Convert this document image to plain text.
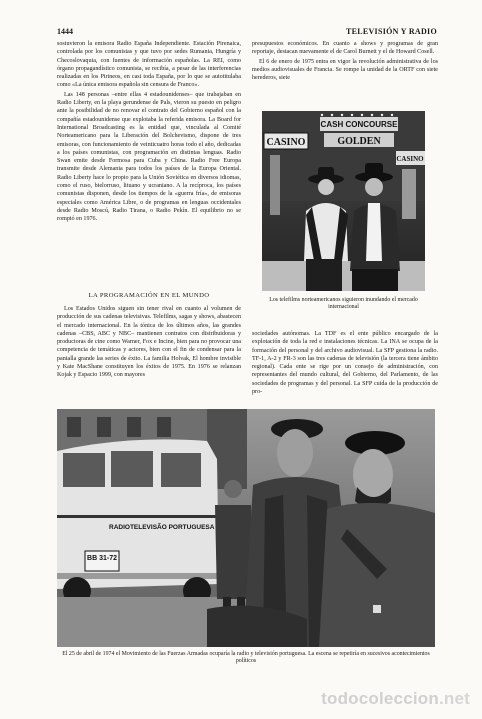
1444	TELEVISIÓN Y RADIO

sostuvieron la emisora Radio España Independiente. Estación Pirenaica, controlada por los comunistas y que tuvo por sedes Rumania, Hungría y Checoslovaquia, con fuentes de información españolas. La REI, como órgano propagandístico comunista, se recibía, a pesar de las interferencias realizadas en los Pirineos, en casi toda España, por lo que se autotitulaba como «La única emisora española sin censura de Franco».

Las 148 personas –entre ellas 4 estadounidenses– que trabajaban en Radio Liberty, en la playa gerundense de Pals, vieron su puesto en peligro ante la posibilidad de no renovar el contrato del Gobierno español con la compañía estadounidense que explotaba la referida emisora. La Board for International Broadcasting es la entidad que, vinculada al Comité Norteamericano para la Liberación del Bolchevismo, dispone de tres emisoras, con funcionamiento de veinticuatro horas todo el año, dedicadas a los países comunistas, con programación en distintas lenguas. Radio Swan emite desde Formosa para Cuba y China. Radio Free Europa transmite desde Alemania para todos los países de la Europa Oriental. Radio Liberty hace lo propio para la Unión Soviética en diversos idiomas, como el ruso, bielorruso, lituano y ucraniano. A la recíproca, los países comunistas disponen, desde los tiempos de la «guerra fría», de emisoras especiales como América Libre, o de programas en lenguas occidentales desde Radio Moscú, Radio Tirana, o Radio Pekín. El equilibrio no se rompió en 1976.

presupuestos económicos. En cuanto a shows y programas de gran reportaje, destacan nuevamente el de Carol Burnett y el de Howard Cosell.

El 6 de enero de 1975 entra en vigor la revolución administrativa de los medios audiovisuales de Francia. Se rompe la unidad de la ORTF con siete herederos, siete

CASINO
CASH CONCOURSE
GOLDEN
CASINO
Los telefilms norteamericanos siguieron inundando el mercado internacional
LA PROGRAMACIÓN EN EL MUNDO

Los Estados Unidos siguen sin tener rival en cuanto al volumen de producción de sus cadenas televisivas. Telefilms, sagas y shows, abastecen el mercado internacional. En la tónica de los últimos años, las grandes cadenas –CBS, ABC y NBC– mantienen contratos con distribuidoras y productoras de cine como Warner, Fox e Incine, bien para no provocar una competencia de temáticas y actores, bien con el fin de condensar para la pantalla grande las series de éxito. La familia Holvak, El hombre invisible y Kate MacShane constituyen los éxitos de 1975. En 1976 se relanzan Kojak y Espacio 1999, con mayores

sociedades autónomas. La TDF es el ente público encargado de la explotación de toda la red e instalaciones técnicas. La INA se ocupa de la formación del personal y del archivo audiovisual. La SFP gestiona la radio. TF-1, A-2 y FR-3 son las tres cadenas de televisión (la tercera tiene ámbito regional). Cada ente se rige por un consejo de administración, con representantes del mundo cultural, del Gobierno, del Parlamento, de las sociedades de programas y del personal. La SFP cuida de la producción de pro-

RADIOTELEVISÃO PORTUGUESA
BB 31-72
El 25 de abril de 1974 el Movimiento de las Fuerzas Armadas ocuparía la radio y televisión portuguesa. La escena se repetiría en sucesivos acontecimientos políticos
todocoleccion.net
